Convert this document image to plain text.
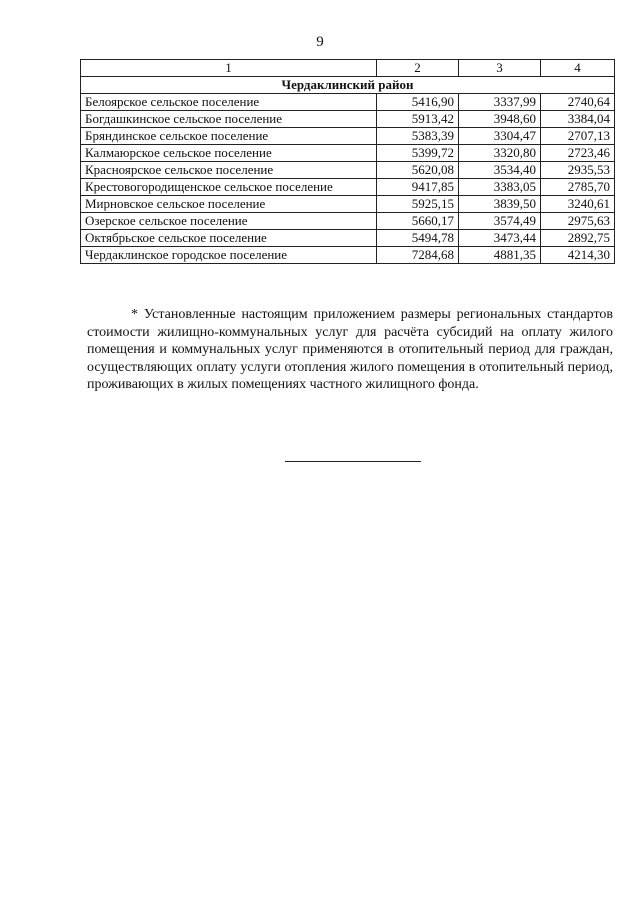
9
1	2	3	4
Чердаклинский район			
Белоярское сельское поселение	5416,90	3337,99	2740,64
Богдашкинское сельское поселение	5913,42	3948,60	3384,04
Бряндинское сельское поселение	5383,39	3304,47	2707,13
Калмаюрское сельское поселение	5399,72	3320,80	2723,46
Красноярское сельское поселение	5620,08	3534,40	2935,53
Крестовогородищенское сельское поселение	9417,85	3383,05	2785,70
Мирновское сельское поселение	5925,15	3839,50	3240,61
Озерское сельское поселение	5660,17	3574,49	2975,63
Октябрьское сельское поселение	5494,78	3473,44	2892,75
Чердаклинское городское поселение	7284,68	4881,35	4214,30

* Установленные настоящим приложением размеры региональных стандартов стоимости жилищно-коммунальных услуг для расчёта субсидий на оплату жилого помещения и коммунальных услуг применяются в отопительный период для граждан, осуществляющих оплату услуги отопления жилого помещения в отопительный период, проживающих в жилых помещениях частного жилищного фонда.
